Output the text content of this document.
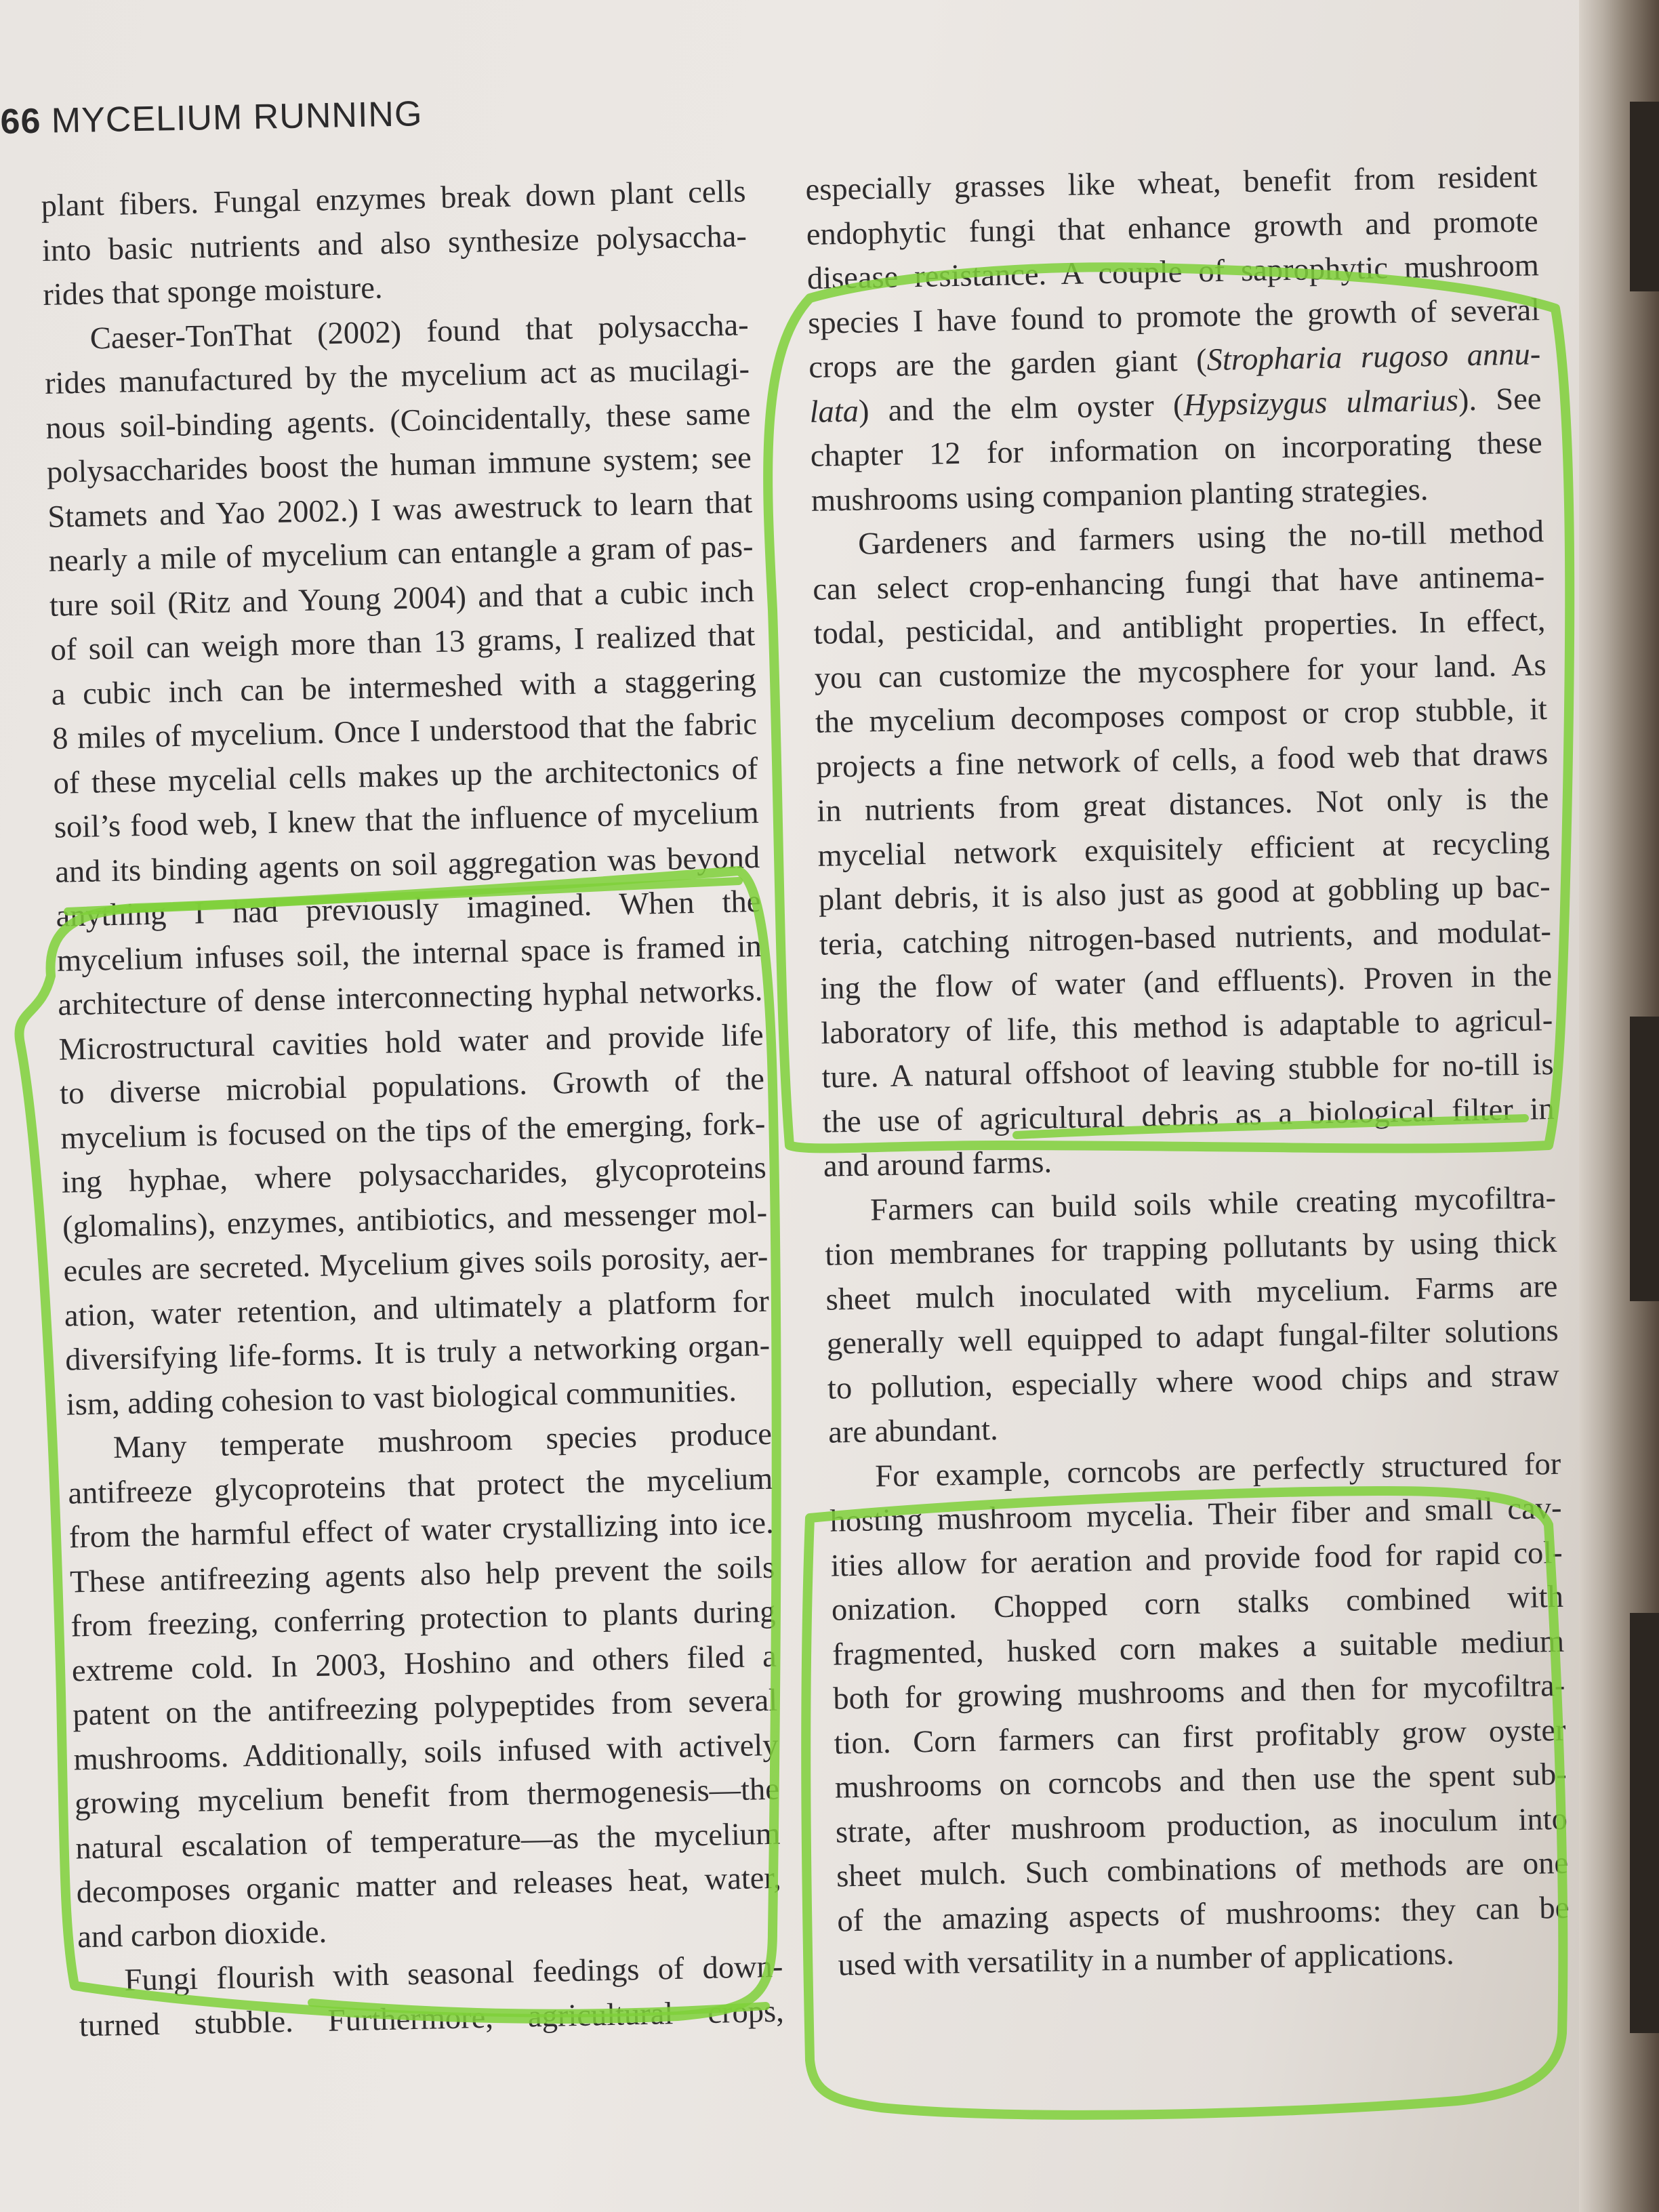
66 MYCELIUM RUNNING
plant fibers. Fungal enzymes break down plant cells
into basic nutrients and also synthesize polysaccha-
rides that sponge moisture.
Caeser-TonThat (2002) found that polysaccha-
rides manufactured by the mycelium act as mucilagi-
nous soil-binding agents. (Coincidentally, these same
polysaccharides boost the human immune system; see
Stamets and Yao 2002.) I was awestruck to learn that
nearly a mile of mycelium can entangle a gram of pas-
ture soil (Ritz and Young 2004) and that a cubic inch
of soil can weigh more than 13 grams, I realized that
a cubic inch can be intermeshed with a staggering
8 miles of mycelium. Once I understood that the fabric
of these mycelial cells makes up the architectonics of
soil’s food web, I knew that the influence of mycelium
and its binding agents on soil aggregation was beyond
anything I had previously imagined. When the
mycelium infuses soil, the internal space is framed in
architecture of dense interconnecting hyphal networks.
Microstructural cavities hold water and provide life
to diverse microbial populations. Growth of the
mycelium is focused on the tips of the emerging, fork-
ing hyphae, where polysaccharides, glycoproteins
(glomalins), enzymes, antibiotics, and messenger mol-
ecules are secreted. Mycelium gives soils porosity, aer-
ation, water retention, and ultimately a platform for
diversifying life-forms. It is truly a networking organ-
ism, adding cohesion to vast biological communities.
Many temperate mushroom species produce
antifreeze glycoproteins that protect the mycelium
from the harmful effect of water crystallizing into ice.
These antifreezing agents also help prevent the soils
from freezing, conferring protection to plants during
extreme cold. In 2003, Hoshino and others filed a
patent on the antifreezing polypeptides from several
mushrooms. Additionally, soils infused with actively
growing mycelium benefit from thermogenesis—the
natural escalation of temperature—as the mycelium
decomposes organic matter and releases heat, water,
and carbon dioxide.
Fungi flourish with seasonal feedings of down-
turned stubble. Furthermore, agricultural crops,
especially grasses like wheat, benefit from resident
endophytic fungi that enhance growth and promote
disease resistance. A couple of saprophytic mushroom
species I have found to promote the growth of several
crops are the garden giant (Stropharia rugoso annu-
lata) and the elm oyster (Hypsizygus ulmarius). See
chapter 12 for information on incorporating these
mushrooms using companion planting strategies.
Gardeners and farmers using the no-till method
can select crop-enhancing fungi that have antinema-
todal, pesticidal, and antiblight properties. In effect,
you can customize the mycosphere for your land. As
the mycelium decomposes compost or crop stubble, it
projects a fine network of cells, a food web that draws
in nutrients from great distances. Not only is the
mycelial network exquisitely efficient at recycling
plant debris, it is also just as good at gobbling up bac-
teria, catching nitrogen-based nutrients, and modulat-
ing the flow of water (and effluents). Proven in the
laboratory of life, this method is adaptable to agricul-
ture. A natural offshoot of leaving stubble for no-till is
the use of agricultural debris as a biological filter in
and around farms.
Farmers can build soils while creating mycofiltra-
tion membranes for trapping pollutants by using thick
sheet mulch inoculated with mycelium. Farms are
generally well equipped to adapt fungal-filter solutions
to pollution, especially where wood chips and straw
are abundant.
For example, corncobs are perfectly structured for
hosting mushroom mycelia. Their fiber and small cav-
ities allow for aeration and provide food for rapid col-
onization. Chopped corn stalks combined with
fragmented, husked corn makes a suitable medium
both for growing mushrooms and then for mycofiltra-
tion. Corn farmers can first profitably grow oyster
mushrooms on corncobs and then use the spent sub-
strate, after mushroom production, as inoculum into
sheet mulch. Such combinations of methods are one
of the amazing aspects of mushrooms: they can be
used with versatility in a number of applications.
